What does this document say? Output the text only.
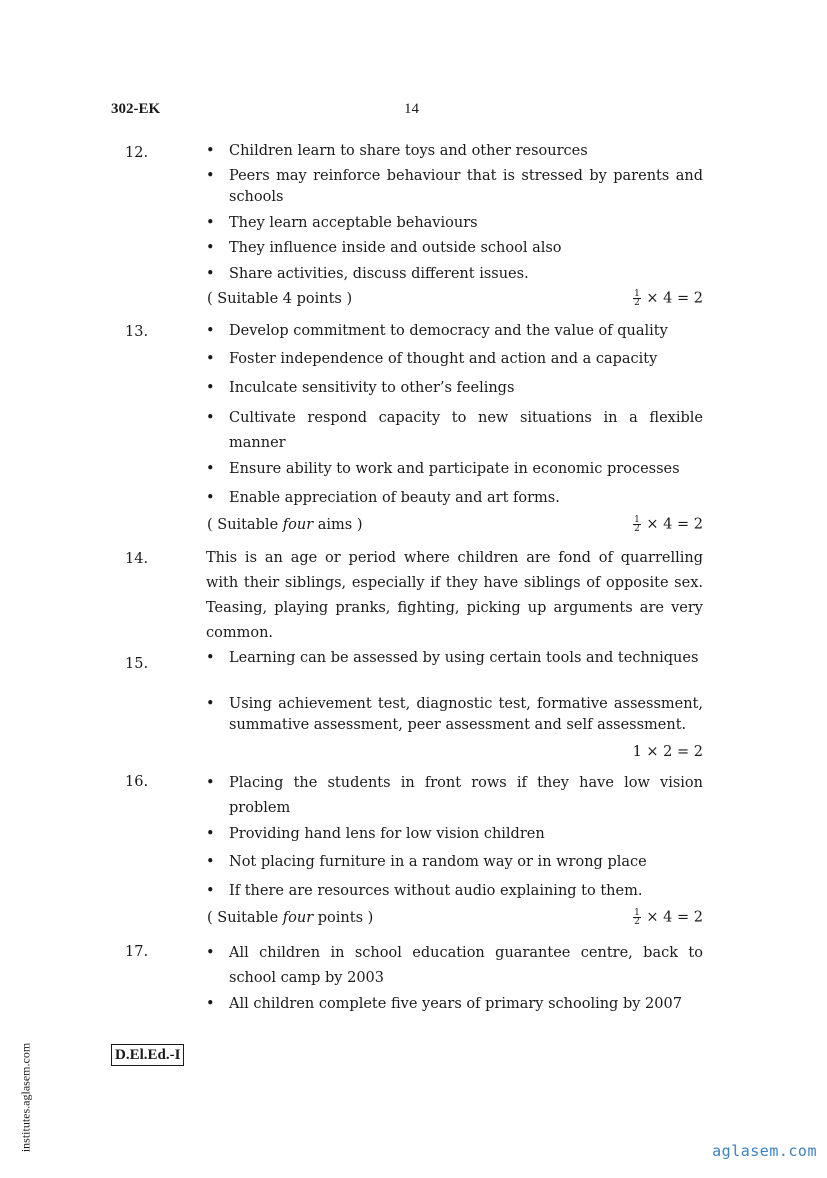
302-EK	14
12.	• Children learn to share toys and other resources
• Peers may reinforce behaviour that is stressed by parents and schools
• They learn acceptable behaviours
• They influence inside and outside school also
• Share activities, discuss different issues.
( Suitable 4 points )	$\frac{1}{2} \times 4 = 2$
13.	• Develop commitment to democracy and the value of quality
• Foster independence of thought and action and a capacity
• Inculcate sensitivity to other’s feelings
• Cultivate respond capacity to new situations in a flexible manner
• Ensure ability to work and participate in economic processes
• Enable appreciation of beauty and art forms.
( Suitable four aims )	$\frac{1}{2} \times 4 = 2$
14.	This is an age or period where children are fond of quarrelling with their siblings, especially if they have siblings of opposite sex. Teasing, playing pranks, fighting, picking up arguments are very common.
15.	• Learning can be assessed by using certain tools and techniques
• Using achievement test, diagnostic test, formative assessment, summative assessment, peer assessment and self assessment.
1 × 2 = 2
16.	• Placing the students in front rows if they have low vision problem
• Providing hand lens for low vision children
• Not placing furniture in a random way or in wrong place
• If there are resources without audio explaining to them.
( Suitable four points )	$\frac{1}{2} \times 4 = 2$
17.	• All children in school education guarantee centre, back to school camp by 2003
• All children complete five years of primary schooling by 2007
D.El.Ed.-I
institutes.aglasem.com	aglasem.com
